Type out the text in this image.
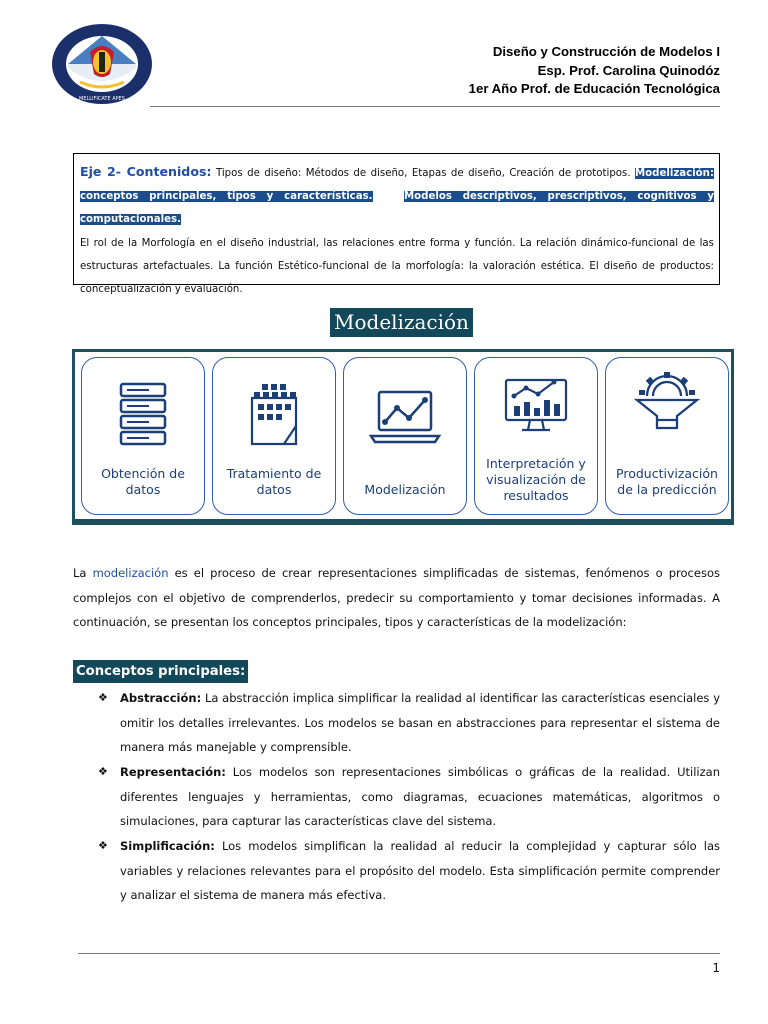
MELLIFICATE APES
Diseño y Construcción de Modelos I
Esp. Prof. Carolina Quinodóz
1er Año Prof. de Educación Tecnológica
Eje 2- Contenidos: Tipos de diseño: Métodos de diseño, Etapas de diseño, Creación de prototipos. Modelización: conceptos principales, tipos y características.	Modelos descriptivos, prescriptivos, cognitivos y computacionales.
El rol de la Morfología en el diseño industrial, las relaciones entre forma y función. La relación dinámico-funcional de las estructuras artefactuales. La función Estético-funcional de la morfología: la valoración estética. El diseño de productos: conceptualización y evaluación.
Modelización
Obtención de datos
Tratamiento de datos	Modelización
Interpretación y visualización de resultados
Productivización de la predicción
La modelización es el proceso de crear representaciones simplificadas de sistemas, fenómenos o procesos complejos con el objetivo de comprenderlos, predecir su comportamiento y tomar decisiones informadas. A continuación, se presentan los conceptos principales, tipos y características de la modelización:
Conceptos principales:
❖ Abstracción: La abstracción implica simplificar la realidad al identificar las características esenciales y omitir los detalles irrelevantes. Los modelos se basan en abstracciones para representar el sistema de manera más manejable y comprensible.
❖ Representación: Los modelos son representaciones simbólicas o gráficas de la realidad. Utilizan diferentes lenguajes y herramientas, como diagramas, ecuaciones matemáticas, algoritmos o simulaciones, para capturar las características clave del sistema.
❖ Simplificación: Los modelos simplifican la realidad al reducir la complejidad y capturar sólo las variables y relaciones relevantes para el propósito del modelo. Esta simplificación permite comprender y analizar el sistema de manera más efectiva.
1
